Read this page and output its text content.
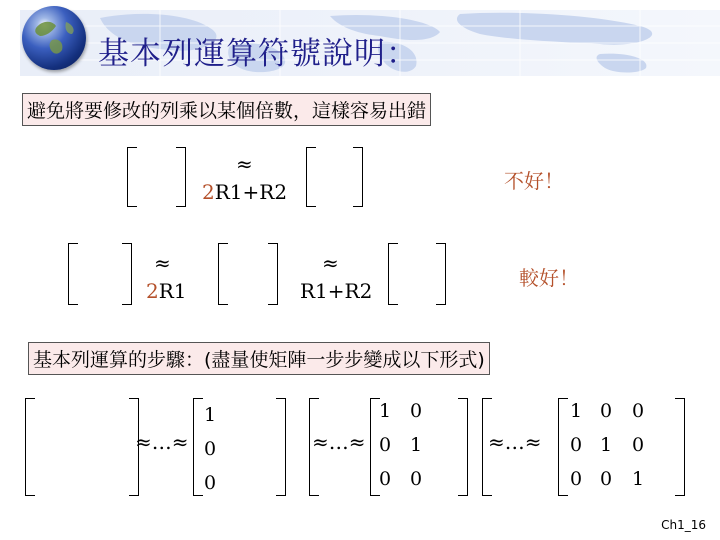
基本列運算符號說明：
避免將要修改的列乘以某個倍數，這樣容易出錯
≈
2R1+R2	不好！
≈
2R1
≈
R1+R2
較好！
基本列運算的步驟：(盡量使矩陣一步步變成以下形式)
≈…≈
1
0
0
≈…≈
1 0
0 1
0 0
≈…≈
1 0 0
0 1 0
0 0 1
Ch1_16
